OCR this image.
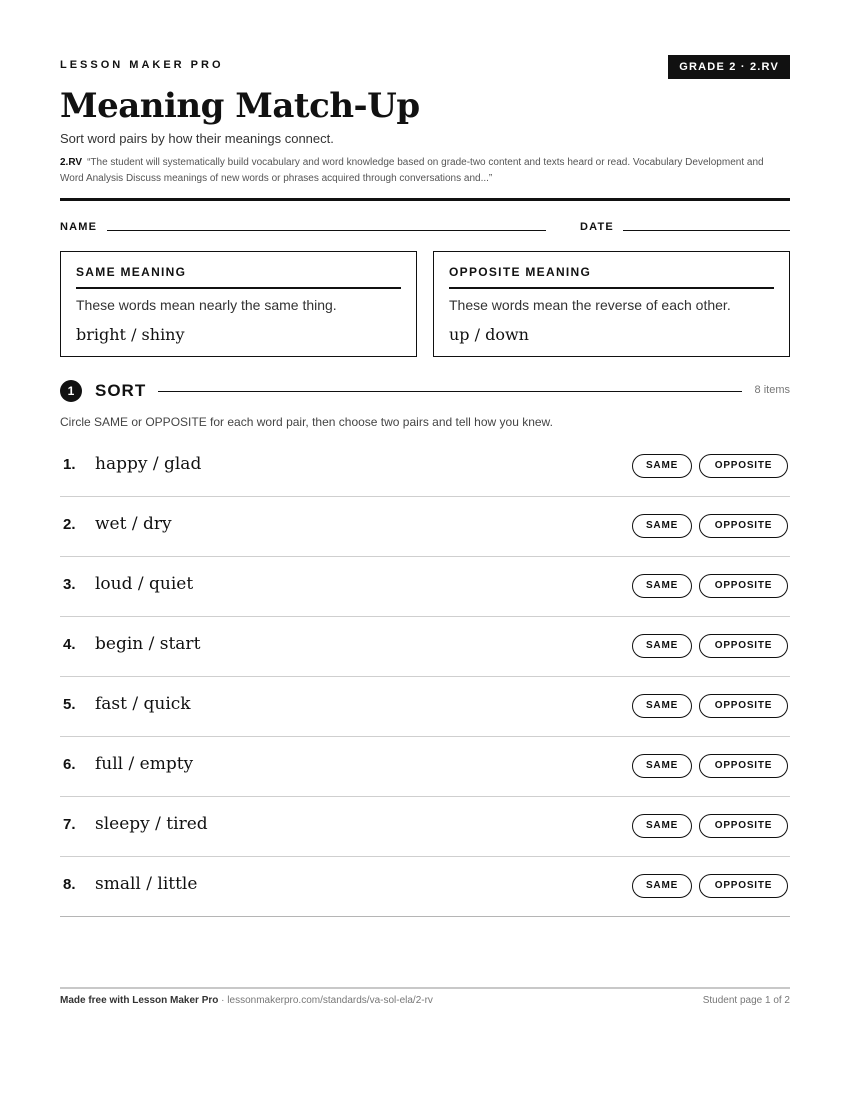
LESSON MAKER PRO	GRADE 2 · 2.RV
Meaning Match-Up
Sort word pairs by how their meanings connect.
2.RV “The student will systematically build vocabulary and word knowledge based on grade-two content and texts heard or read. Vocabulary Development and Word Analysis Discuss meanings of new words or phrases acquired through conversations and...”
NAME	DATE
SAME MEANING
These words mean nearly the same thing.
bright / shiny
OPPOSITE MEANING
These words mean the reverse of each other.
up / down
1	SORT	8 items
Circle SAME or OPPOSITE for each word pair, then choose two pairs and tell how you knew.
1. happy / glad	SAME	OPPOSITE
2. wet / dry	SAME	OPPOSITE
3. loud / quiet	SAME	OPPOSITE
4. begin / start	SAME	OPPOSITE
5. fast / quick	SAME	OPPOSITE
6. full / empty	SAME	OPPOSITE
7. sleepy / tired	SAME	OPPOSITE
8. small / little	SAME	OPPOSITE
Made free with Lesson Maker Pro · lessonmakerpro.com/standards/va-sol-ela/2-rv	Student page 1 of 2
